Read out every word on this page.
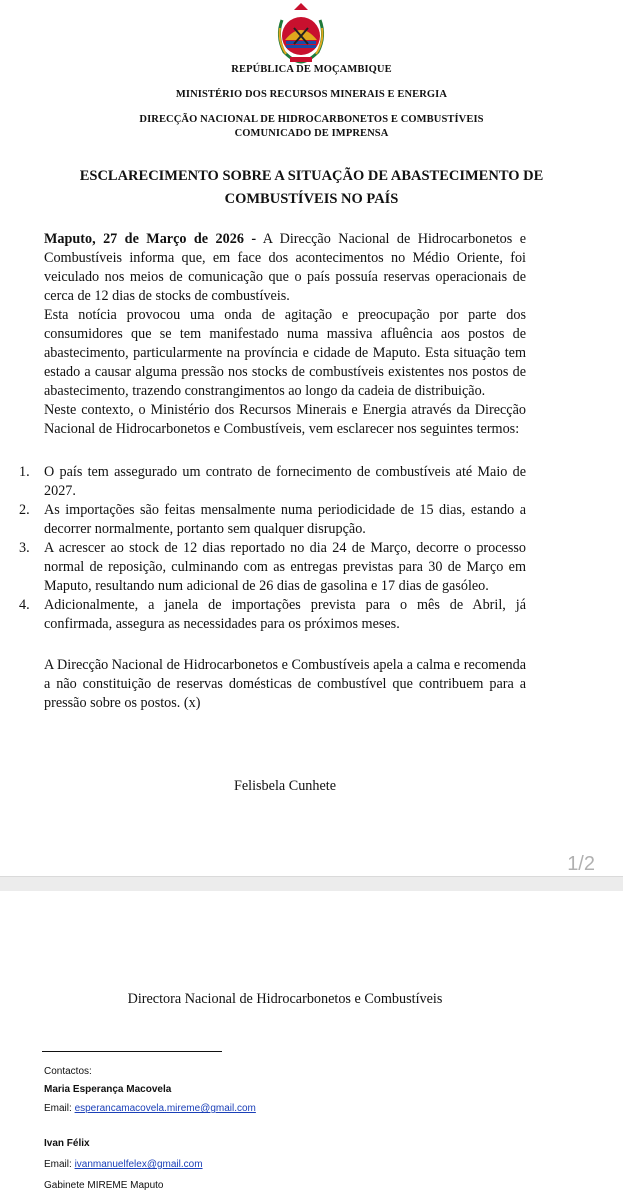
REPÚBLICA DE MOÇAMBIQUE
MINISTÉRIO DOS RECURSOS MINERAIS E ENERGIA
DIRECÇÃO NACIONAL DE HIDROCARBONETOS E COMBUSTÍVEIS
COMUNICADO DE IMPRENSA
ESCLARECIMENTO SOBRE A SITUAÇÃO DE ABASTECIMENTO DE
COMBUSTÍVEIS NO PAÍS

Maputo, 27 de Março de 2026 - A Direcção Nacional de Hidrocarbonetos e Combustíveis informa que, em face dos acontecimentos no Médio Oriente, foi veiculado nos meios de comunicação que o país possuía reservas operacionais de cerca de 12 dias de stocks de combustíveis.

Esta notícia provocou uma onda de agitação e preocupação por parte dos consumidores que se tem manifestado numa massiva afluência aos postos de abastecimento, particularmente na província e cidade de Maputo. Esta situação tem estado a causar alguma pressão nos stocks de combustíveis existentes nos postos de abastecimento, trazendo constrangimentos ao longo da cadeia de distribuição.

Neste contexto, o Ministério dos Recursos Minerais e Energia através da Direcção Nacional de Hidrocarbonetos e Combustíveis, vem esclarecer nos seguintes termos:

1. O país tem assegurado um contrato de fornecimento de combustíveis até Maio de 2027.
2. As importações são feitas mensalmente numa periodicidade de 15 dias, estando a decorrer normalmente, portanto sem qualquer disrupção.
3. A acrescer ao stock de 12 dias reportado no dia 24 de Março, decorre o processo normal de reposição, culminando com as entregas previstas para 30 de Março em Maputo, resultando num adicional de 26 dias de gasolina e 17 dias de gasóleo.
4. Adicionalmente, a janela de importações prevista para o mês de Abril, já confirmada, assegura as necessidades para os próximos meses.

A Direcção Nacional de Hidrocarbonetos e Combustíveis apela a calma e recomenda a não constituição de reservas domésticas de combustível que contribuem para a pressão sobre os postos. (x)

Felisbela Cunhete
1/2
Directora Nacional de Hidrocarbonetos e Combustíveis
Contactos:
Maria Esperança Macovela
Email: esperancamacovela.mireme@gmail.com
Ivan Félix
Email: ivanmanuelfelex@gmail.com
Gabinete MIREME Maputo
